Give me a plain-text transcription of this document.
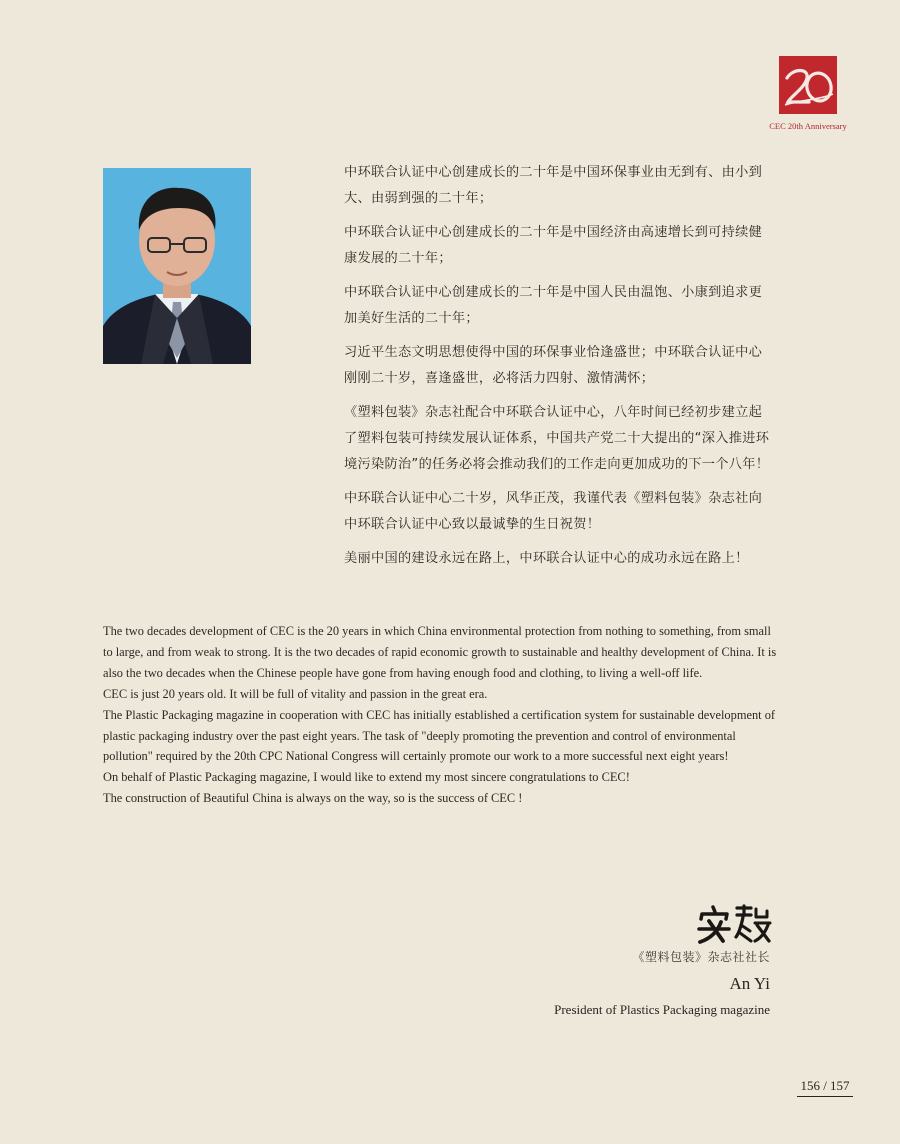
CEC 20th Anniversary

中环联合认证中心创建成长的二十年是中国环保事业由无到有、由小到大、由弱到强的二十年；

中环联合认证中心创建成长的二十年是中国经济由高速增长到可持续健康发展的二十年；

中环联合认证中心创建成长的二十年是中国人民由温饱、小康到追求更加美好生活的二十年；

习近平生态文明思想使得中国的环保事业恰逢盛世；中环联合认证中心刚刚二十岁，喜逢盛世，必将活力四射、激情满怀；

《塑料包装》杂志社配合中环联合认证中心，八年时间已经初步建立起了塑料包装可持续发展认证体系，中国共产党二十大提出的“深入推进环境污染防治”的任务必将会推动我们的工作走向更加成功的下一个八年！

中环联合认证中心二十岁，风华正茂，我谨代表《塑料包装》杂志社向中环联合认证中心致以最诚挚的生日祝贺！

美丽中国的建设永远在路上，中环联合认证中心的成功永远在路上！

The two decades development of CEC is the 20 years in which China environmental protection from nothing to something, from small to large, and from weak to strong. It is the two decades of rapid economic growth to sustainable and healthy development of China. It is also the two decades when the Chinese people have gone from having enough food and clothing, to living a well-off life.

CEC is just 20 years old. It will be full of vitality and passion in the great era.

The Plastic Packaging magazine in cooperation with CEC has initially established a certification system for sustainable development of plastic packaging industry over the past eight years. The task of "deeply promoting the prevention and control of environmental pollution" required by the 20th CPC National Congress will certainly promote our work to a more successful next eight years!

On behalf of Plastic Packaging magazine, I would like to extend my most sincere congratulations to CEC!

The construction of Beautiful China is always on the way, so is the success of CEC !

《塑料包装》杂志社社长
An Yi
President of Plastics Packaging magazine
156 / 157
